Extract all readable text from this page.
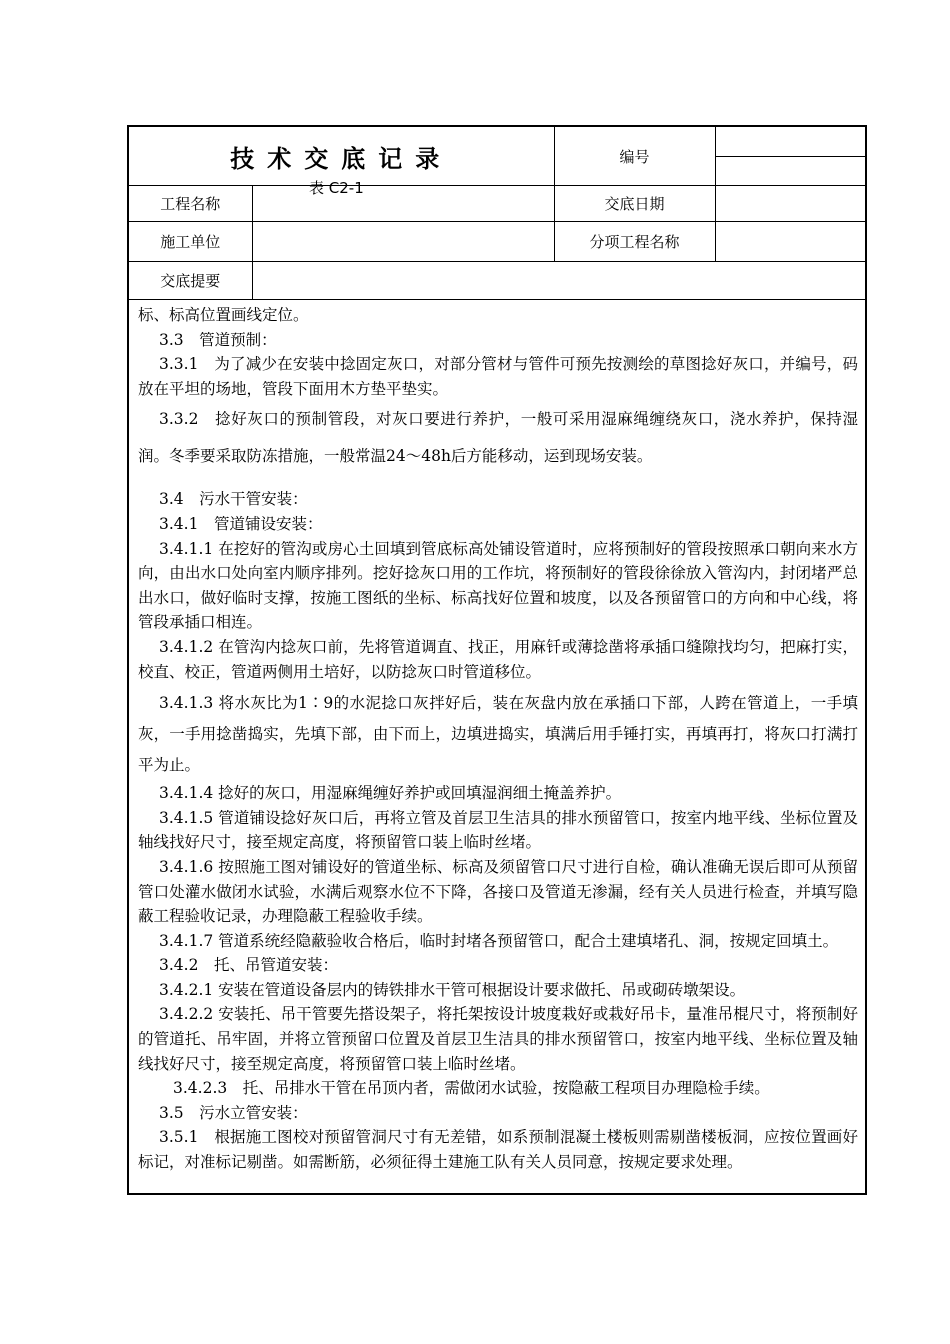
技术交底记录
表 C2-1		编号	

工程名称		交底日期	
施工单位		分项工程名称	
交底提要			

标、标高位置画线定位。

3.3　管道预制：

3.3.1　为了减少在安装中捻固定灰口，对部分管材与管件可预先按测绘的草图捻好灰口，并编号，码放在平坦的场地，管段下面用木方垫平垫实。

3.3.2　捻好灰口的预制管段，对灰口要进行养护，一般可采用湿麻绳缠绕灰口，浇水养护，保持湿润。冬季要采取防冻措施，一般常温24～48h后方能移动，运到现场安装。

3.4　污水干管安装：

3.4.1　管道铺设安装：

3.4.1.1 在挖好的管沟或房心土回填到管底标高处铺设管道时，应将预制好的管段按照承口朝向来水方向，由出水口处向室内顺序排列。挖好捻灰口用的工作坑，将预制好的管段徐徐放入管沟内，封闭堵严总出水口，做好临时支撑，按施工图纸的坐标、标高找好位置和坡度，以及各预留管口的方向和中心线，将管段承插口相连。

3.4.1.2 在管沟内捻灰口前，先将管道调直、找正，用麻钎或薄捻凿将承插口缝隙找均匀，把麻打实，校直、校正，管道两侧用土培好，以防捻灰口时管道移位。

3.4.1.3 将水灰比为1∶9的水泥捻口灰拌好后，装在灰盘内放在承插口下部，人跨在管道上，一手填灰，一手用捻凿捣实，先填下部，由下而上，边填进捣实，填满后用手锤打实，再填再打，将灰口打满打平为止。

3.4.1.4 捻好的灰口，用湿麻绳缠好养护或回填湿润细土掩盖养护。

3.4.1.5 管道铺设捻好灰口后，再将立管及首层卫生洁具的排水预留管口，按室内地平线、坐标位置及轴线找好尺寸，接至规定高度，将预留管口装上临时丝堵。

3.4.1.6 按照施工图对铺设好的管道坐标、标高及须留管口尺寸进行自检，确认准确无误后即可从预留管口处灌水做闭水试验，水满后观察水位不下降，各接口及管道无渗漏，经有关人员进行检查，并填写隐蔽工程验收记录，办理隐蔽工程验收手续。

3.4.1.7 管道系统经隐蔽验收合格后，临时封堵各预留管口，配合土建填堵孔、洞，按规定回填土。

3.4.2　托、吊管道安装：

3.4.2.1 安装在管道设备层内的铸铁排水干管可根据设计要求做托、吊或砌砖墩架设。

3.4.2.2 安装托、吊干管要先搭设架子，将托架按设计坡度栽好或栽好吊卡，量准吊棍尺寸，将预制好的管道托、吊牢固，并将立管预留口位置及首层卫生洁具的排水预留管口，按室内地平线、坐标位置及轴线找好尺寸，接至规定高度，将预留管口装上临时丝堵。

3.4.2.3　托、吊排水干管在吊顶内者，需做闭水试验，按隐蔽工程项目办理隐检手续。

3.5　污水立管安装：

3.5.1　根据施工图校对预留管洞尺寸有无差错，如系预制混凝土楼板则需剔凿楼板洞，应按位置画好标记，对准标记剔凿。如需断筋，必须征得土建施工队有关人员同意，按规定要求处理。
